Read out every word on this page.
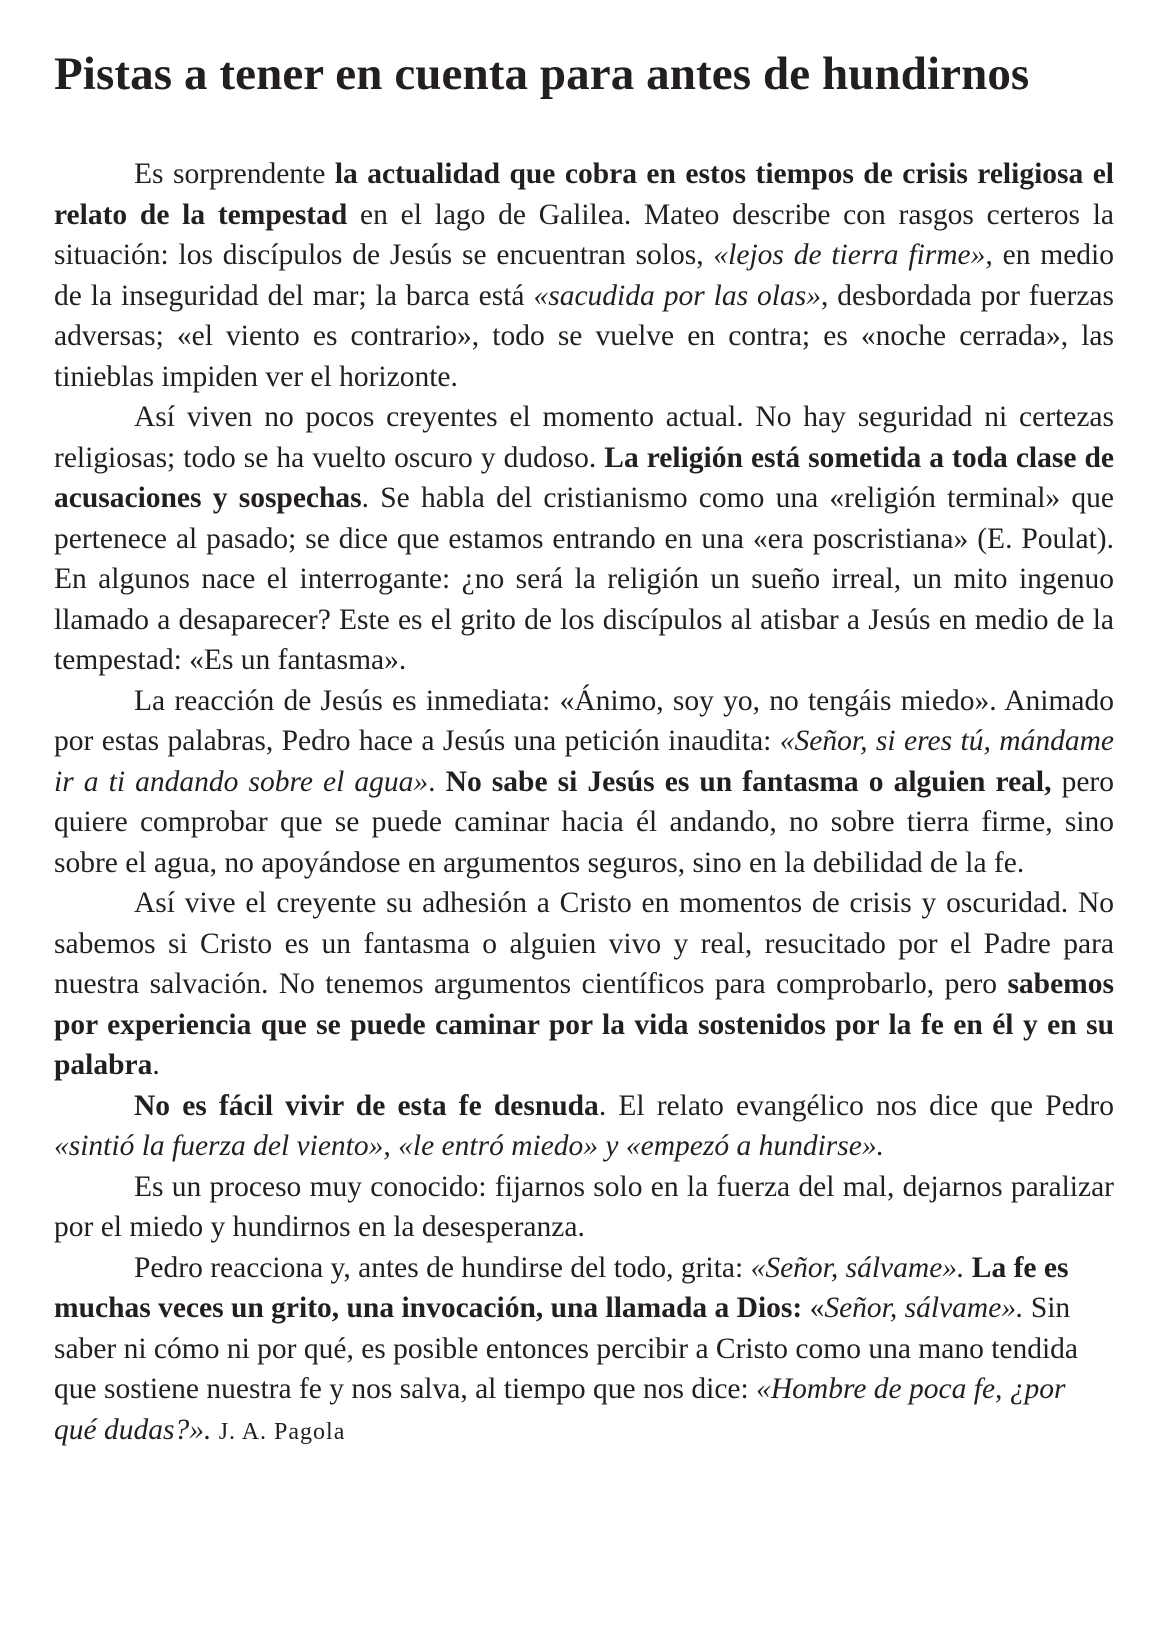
Pistas a tener en cuenta para antes de hundirnos

Es sorprendente la actualidad que cobra en estos tiempos de crisis religiosa el relato de la tempestad en el lago de Galilea. Mateo describe con rasgos certeros la situación: los discípulos de Jesús se encuentran solos, «lejos de tierra firme», en medio de la inseguridad del mar; la barca está «sacudida por las olas», desbordada por fuerzas adversas; «el viento es contrario», todo se vuelve en contra; es «noche cerrada», las tinieblas impiden ver el horizonte.

Así viven no pocos creyentes el momento actual. No hay seguridad ni certezas religiosas; todo se ha vuelto oscuro y dudoso. La religión está sometida a toda clase de acusaciones y sospechas. Se habla del cristianismo como una «religión terminal» que pertenece al pasado; se dice que estamos entrando en una «era poscristiana» (E. Poulat). En algunos nace el interrogante: ¿no será la religión un sueño irreal, un mito ingenuo llamado a desaparecer? Este es el grito de los discípulos al atisbar a Jesús en medio de la tempestad: «Es un fantasma».

La reacción de Jesús es inmediata: «Ánimo, soy yo, no tengáis miedo». Animado por estas palabras, Pedro hace a Jesús una petición inaudita: «Señor, si eres tú, mándame ir a ti andando sobre el agua». No sabe si Jesús es un fantasma o alguien real, pero quiere comprobar que se puede caminar hacia él andando, no sobre tierra firme, sino sobre el agua, no apoyándose en argumentos seguros, sino en la debilidad de la fe.

Así vive el creyente su adhesión a Cristo en momentos de crisis y oscuridad. No sabemos si Cristo es un fantasma o alguien vivo y real, resucitado por el Padre para nuestra salvación. No tenemos argumentos científicos para comprobarlo, pero sabemos por experiencia que se puede caminar por la vida sostenidos por la fe en él y en su palabra.

No es fácil vivir de esta fe desnuda. El relato evangélico nos dice que Pedro «sintió la fuerza del viento», «le entró miedo» y «empezó a hundirse».

Es un proceso muy conocido: fijarnos solo en la fuerza del mal, dejarnos paralizar por el miedo y hundirnos en la desesperanza.

Pedro reacciona y, antes de hundirse del todo, grita: «Señor, sálvame». La fe es muchas veces un grito, una invocación, una llamada a Dios: «Señor, sálvame». Sin saber ni cómo ni por qué, es posible entonces percibir a Cristo como una mano tendida que sostiene nuestra fe y nos salva, al tiempo que nos dice: «Hombre de poca fe, ¿por qué dudas?». J. A. Pagola
